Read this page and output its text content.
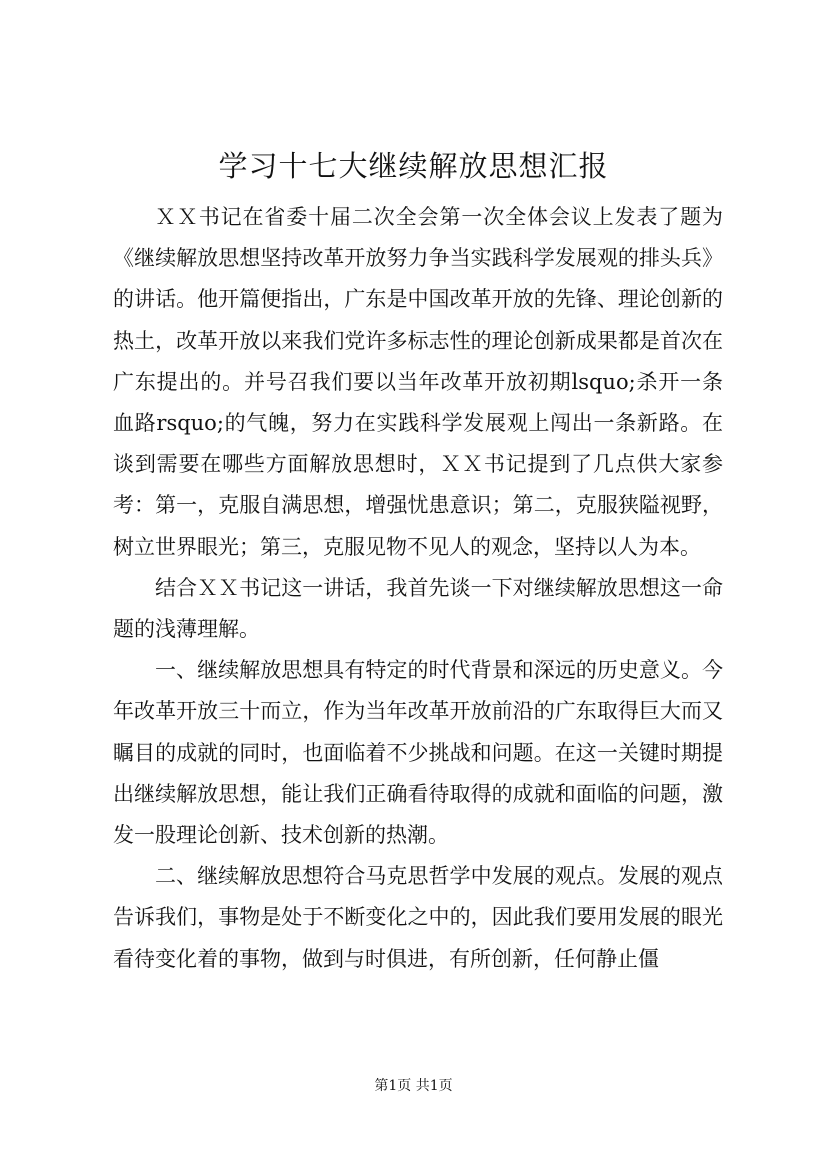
学习十七大继续解放思想汇报

ＸＸ书记在省委十届二次全会第一次全体会议上发表了题为《继续解放思想坚持改革开放努力争当实践科学发展观的排头兵》的讲话。他开篇便指出，广东是中国改革开放的先锋、理论创新的热土，改革开放以来我们党许多标志性的理论创新成果都是首次在广东提出的。并号召我们要以当年改革开放初期lsquo;杀开一条血路rsquo;的气魄，努力在实践科学发展观上闯出一条新路。在谈到需要在哪些方面解放思想时，ＸＸ书记提到了几点供大家参考：第一，克服自满思想，增强忧患意识；第二，克服狭隘视野，树立世界眼光；第三，克服见物不见人的观念，坚持以人为本。

结合ＸＸ书记这一讲话，我首先谈一下对继续解放思想这一命题的浅薄理解。

一、继续解放思想具有特定的时代背景和深远的历史意义。今年改革开放三十而立，作为当年改革开放前沿的广东取得巨大而又瞩目的成就的同时，也面临着不少挑战和问题。在这一关键时期提出继续解放思想，能让我们正确看待取得的成就和面临的问题，激发一股理论创新、技术创新的热潮。

二、继续解放思想符合马克思哲学中发展的观点。发展的观点告诉我们，事物是处于不断变化之中的，因此我们要用发展的眼光看待变化着的事物，做到与时俱进，有所创新，任何静止僵

第1页 共1页
